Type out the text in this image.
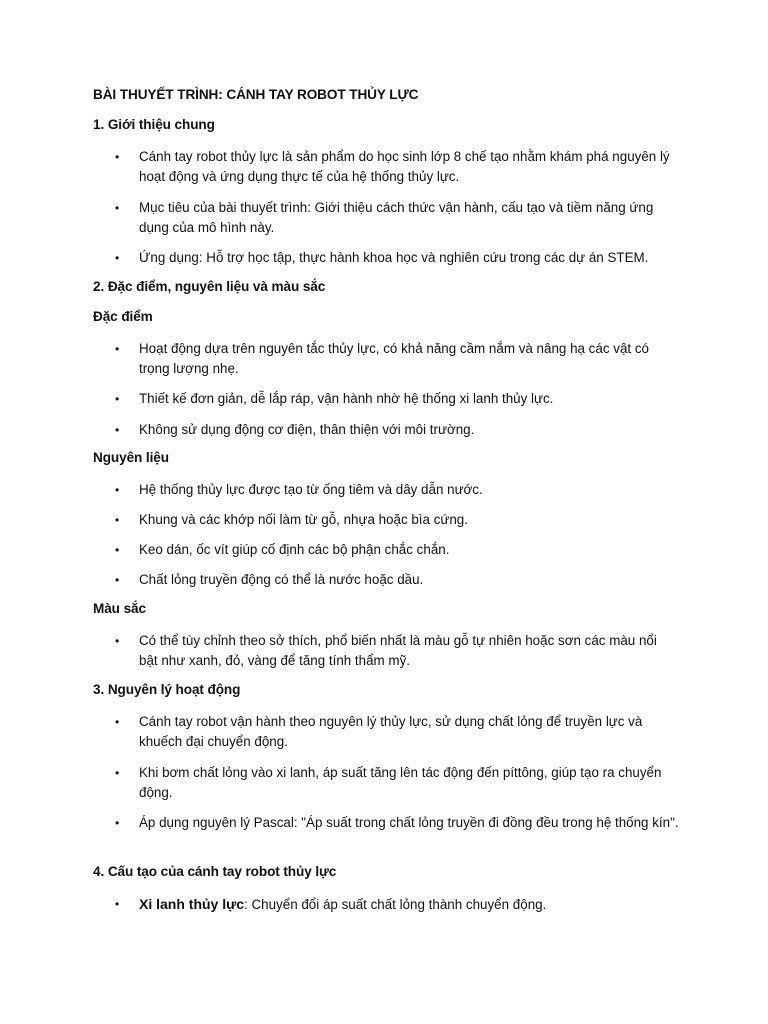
BÀI THUYẾT TRÌNH: CÁNH TAY ROBOT THỦY LỰC
1. Giới thiệu chung
• Cánh tay robot thủy lực là sản phẩm do học sinh lớp 8 chế tạo nhằm khám phá nguyên lý hoạt động và ứng dụng thực tế của hệ thống thủy lực.
• Mục tiêu của bài thuyết trình: Giới thiệu cách thức vận hành, cấu tạo và tiềm năng ứng dụng của mô hình này.
• Ứng dụng: Hỗ trợ học tập, thực hành khoa học và nghiên cứu trong các dự án STEM.
2. Đặc điểm, nguyên liệu và màu sắc
Đặc điểm
• Hoạt động dựa trên nguyên tắc thủy lực, có khả năng cầm nắm và nâng hạ các vật có trọng lượng nhẹ.
• Thiết kế đơn giản, dễ lắp ráp, vận hành nhờ hệ thống xi lanh thủy lực.
• Không sử dụng động cơ điện, thân thiện với môi trường.
Nguyên liệu
• Hệ thống thủy lực được tạo từ ống tiêm và dây dẫn nước.
• Khung và các khớp nối làm từ gỗ, nhựa hoặc bìa cứng.
• Keo dán, ốc vít giúp cố định các bộ phận chắc chắn.
• Chất lỏng truyền động có thể là nước hoặc dầu.
Màu sắc
• Có thể tùy chỉnh theo sở thích, phổ biến nhất là màu gỗ tự nhiên hoặc sơn các màu nổi bật như xanh, đỏ, vàng để tăng tính thẩm mỹ.
3. Nguyên lý hoạt động
• Cánh tay robot vận hành theo nguyên lý thủy lực, sử dụng chất lỏng để truyền lực và khuếch đại chuyển động.
• Khi bơm chất lỏng vào xi lanh, áp suất tăng lên tác động đến píttông, giúp tạo ra chuyển động.
• Áp dụng nguyên lý Pascal: "Áp suất trong chất lỏng truyền đi đồng đều trong hệ thống kín".
4. Cấu tạo của cánh tay robot thủy lực
• Xi lanh thủy lực: Chuyển đổi áp suất chất lỏng thành chuyển động.
